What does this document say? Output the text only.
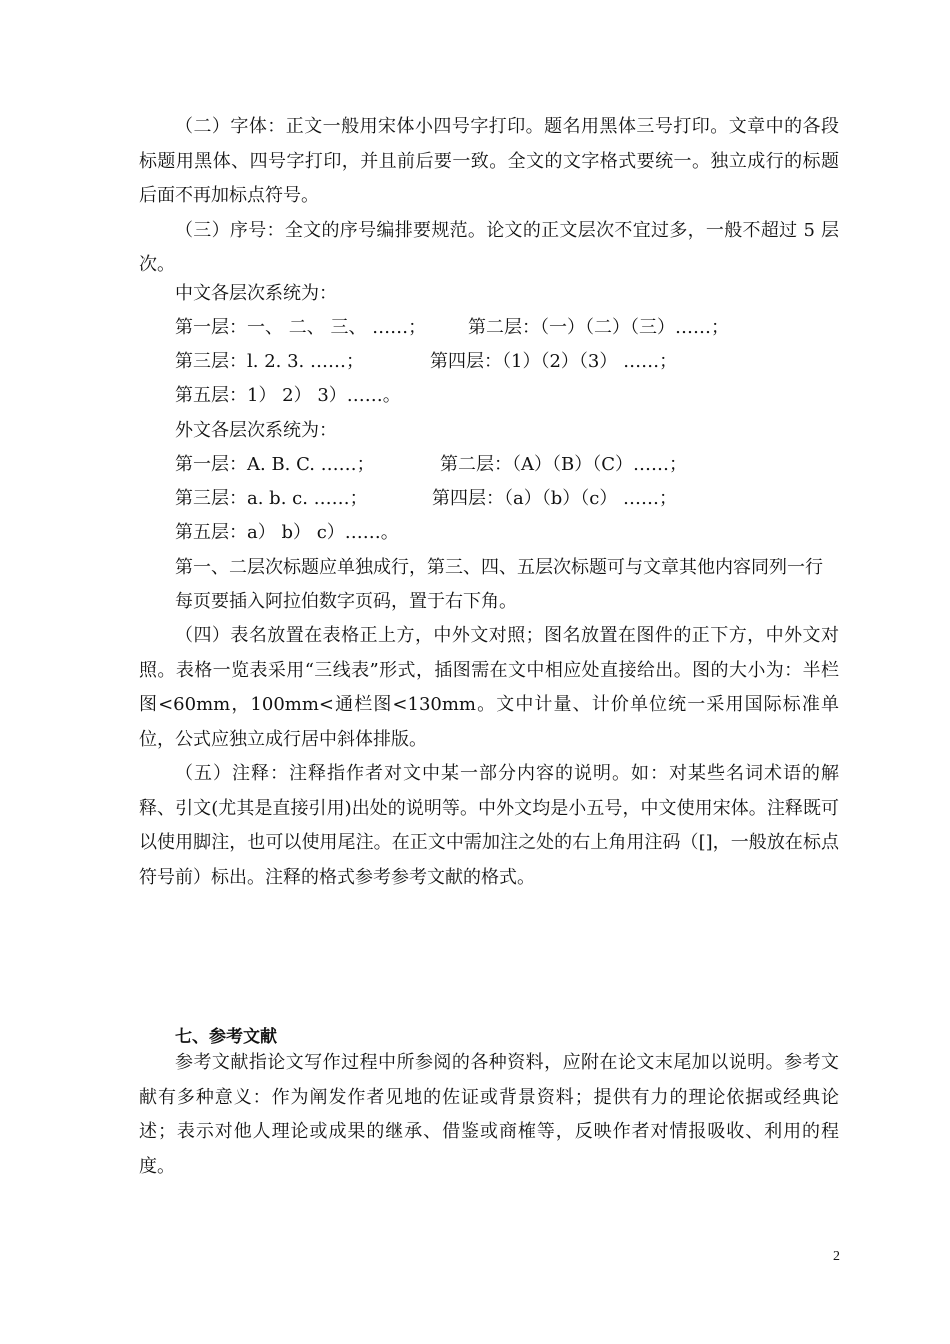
（二）字体：正文一般用宋体小四号字打印。题名用黑体三号打印。文章中的各段标题用黑体、四号字打印，并且前后要一致。全文的文字格式要统一。独立成行的标题后面不再加标点符号。

（三）序号：全文的序号编排要规范。论文的正文层次不宜过多，一般不超过 5 层次。

中文各层次系统为：
第一层：一、 二、 三、 ……； 第二层：（一）（二）（三）……；
第三层：l. 2. 3. ……；	第四层：（1）（2）（3） ……；
第五层：1） 2） 3）……。
外文各层次系统为：
第一层：A. B. C. ……；	第二层：（A）（B）（C）……；
第三层：a. b. c. ……；	第四层：（a）（b）（c） ……；
第五层：a） b） c）……。
第一、二层次标题应单独成行，第三、四、五层次标题可与文章其他内容同列一行
每页要插入阿拉伯数字页码，置于右下角。

（四）表名放置在表格正上方，中外文对照；图名放置在图件的正下方，中外文对照。表格一览表采用“三线表”形式，插图需在文中相应处直接给出。图的大小为：半栏图<60mm，100mm<通栏图<130mm。文中计量、计价单位统一采用国际标准单位，公式应独立成行居中斜体排版。

（五）注释：注释指作者对文中某一部分内容的说明。如：对某些名词术语的解释、引文(尤其是直接引用)出处的说明等。中外文均是小五号，中文使用宋体。注释既可以使用脚注，也可以使用尾注。在正文中需加注之处的右上角用注码（[]，一般放在标点符号前）标出。注释的格式参考参考文献的格式。

七、参考文献

参考文献指论文写作过程中所参阅的各种资料，应附在论文末尾加以说明。参考文献有多种意义：作为阐发作者见地的佐证或背景资料；提供有力的理论依据或经典论述；表示对他人理论或成果的继承、借鉴或商榷等，反映作者对情报吸收、利用的程度。

2
